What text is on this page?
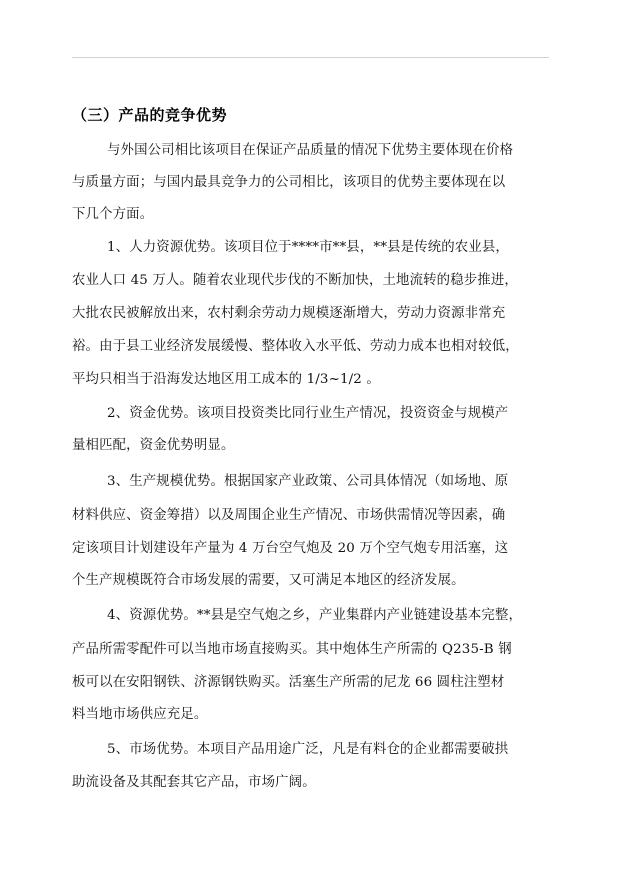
（三）产品的竞争优势
与外国公司相比该项目在保证产品质量的情况下优势主要体现在价格
与质量方面；与国内最具竞争力的公司相比，该项目的优势主要体现在以
下几个方面。
1、人力资源优势。该项目位于****市**县，**县是传统的农业县，
农业人口 45 万人。随着农业现代步伐的不断加快，土地流转的稳步推进，
大批农民被解放出来，农村剩余劳动力规模逐渐增大，劳动力资源非常充
裕。由于县工业经济发展缓慢、整体收入水平低、劳动力成本也相对较低，
平均只相当于沿海发达地区用工成本的 1/3~1/2 。
2、资金优势。该项目投资类比同行业生产情况，投资资金与规模产
量相匹配，资金优势明显。
3、生产规模优势。根据国家产业政策、公司具体情况（如场地、原
材料供应、资金筹措）以及周围企业生产情况、市场供需情况等因素，确
定该项目计划建设年产量为 4 万台空气炮及 20 万个空气炮专用活塞，这
个生产规模既符合市场发展的需要，又可满足本地区的经济发展。
4、资源优势。**县是空气炮之乡，产业集群内产业链建设基本完整，
产品所需零配件可以当地市场直接购买。其中炮体生产所需的 Q235-B 钢
板可以在安阳钢铁、济源钢铁购买。活塞生产所需的尼龙 66 圆柱注塑材
料当地市场供应充足。
5、市场优势。本项目产品用途广泛，凡是有料仓的企业都需要破拱
助流设备及其配套其它产品，市场广阔。
